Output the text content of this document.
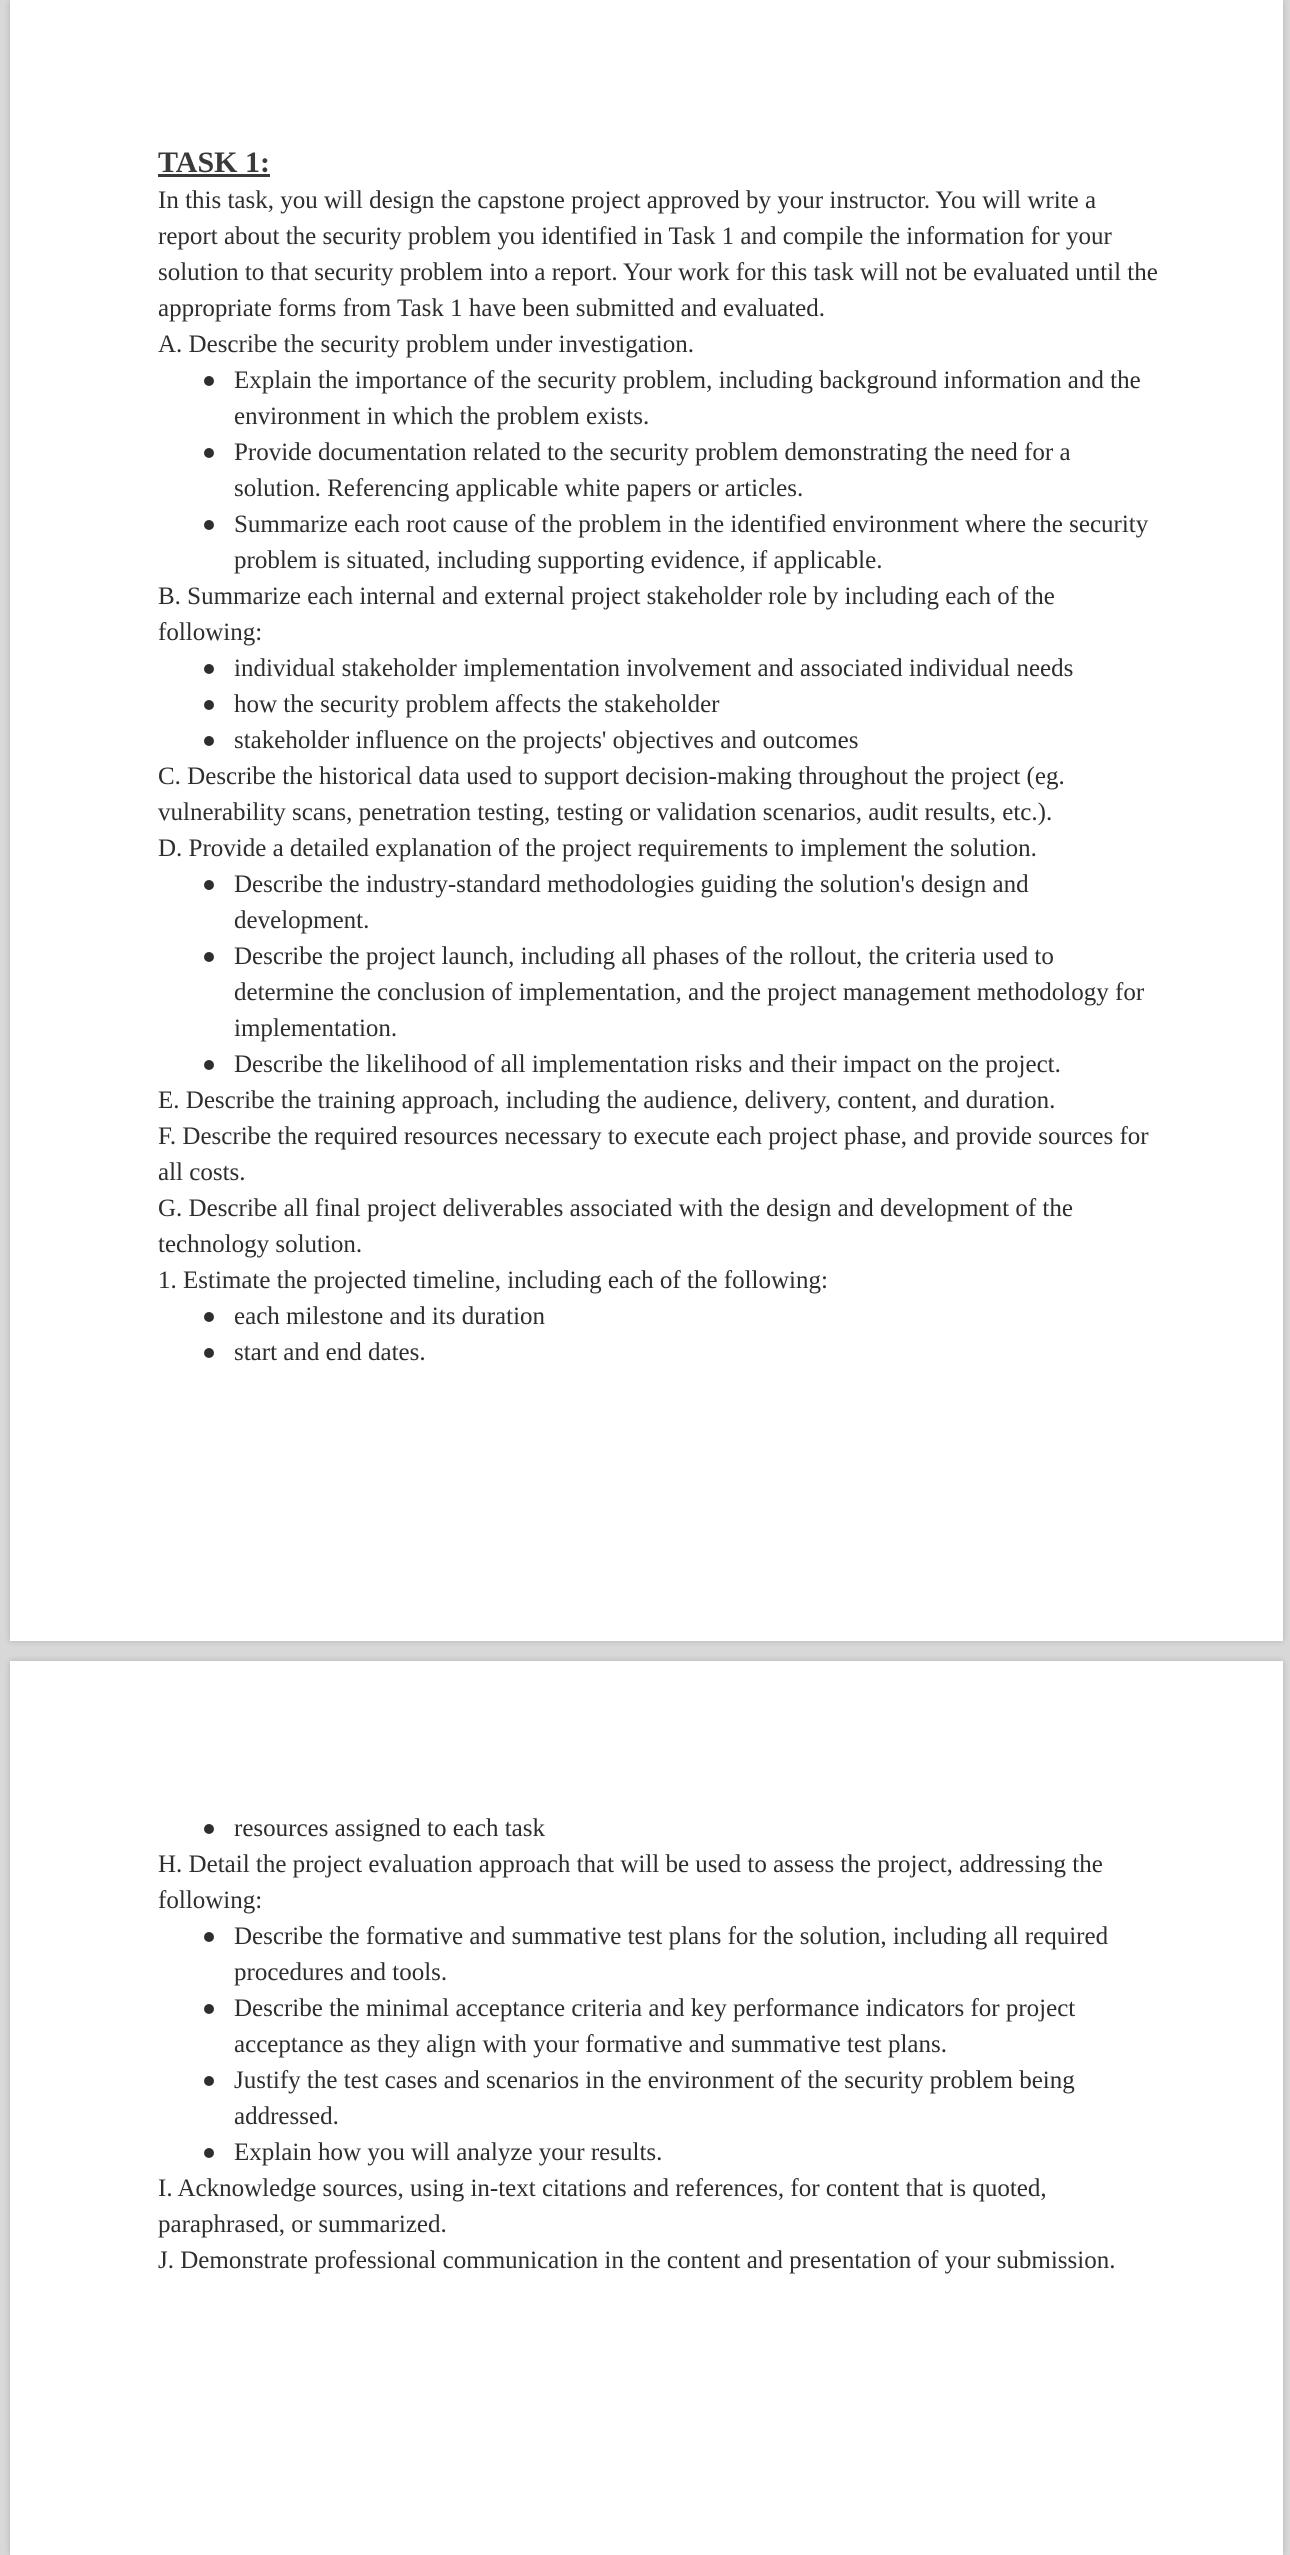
TASK 1:

In this task, you will design the capstone project approved by your instructor. You will write a report about the security problem you identified in Task 1 and compile the information for your solution to that security problem into a report. Your work for this task will not be evaluated until the appropriate forms from Task 1 have been submitted and evaluated.

A. Describe the security problem under investigation.

Explain the importance of the security problem, including background information and the environment in which the problem exists.
Provide documentation related to the security problem demonstrating the need for a solution. Referencing applicable white papers or articles.
Summarize each root cause of the problem in the identified environment where the security problem is situated, including supporting evidence, if applicable.

B. Summarize each internal and external project stakeholder role by including each of the following:

individual stakeholder implementation involvement and associated individual needs
how the security problem affects the stakeholder
stakeholder influence on the projects' objectives and outcomes

C. Describe the historical data used to support decision-making throughout the project (eg. vulnerability scans, penetration testing, testing or validation scenarios, audit results, etc.).

D. Provide a detailed explanation of the project requirements to implement the solution.

Describe the industry-standard methodologies guiding the solution's design and development.
Describe the project launch, including all phases of the rollout, the criteria used to determine the conclusion of implementation, and the project management methodology for implementation.
Describe the likelihood of all implementation risks and their impact on the project.

E. Describe the training approach, including the audience, delivery, content, and duration.

F. Describe the required resources necessary to execute each project phase, and provide sources for all costs.

G. Describe all final project deliverables associated with the design and development of the technology solution.

1. Estimate the projected timeline, including each of the following:

each milestone and its duration
start and end dates.
resources assigned to each task

H. Detail the project evaluation approach that will be used to assess the project, addressing the following:

Describe the formative and summative test plans for the solution, including all required procedures and tools.
Describe the minimal acceptance criteria and key performance indicators for project acceptance as they align with your formative and summative test plans.
Justify the test cases and scenarios in the environment of the security problem being addressed.
Explain how you will analyze your results.

I. Acknowledge sources, using in-text citations and references, for content that is quoted, paraphrased, or summarized.

J. Demonstrate professional communication in the content and presentation of your submission.
